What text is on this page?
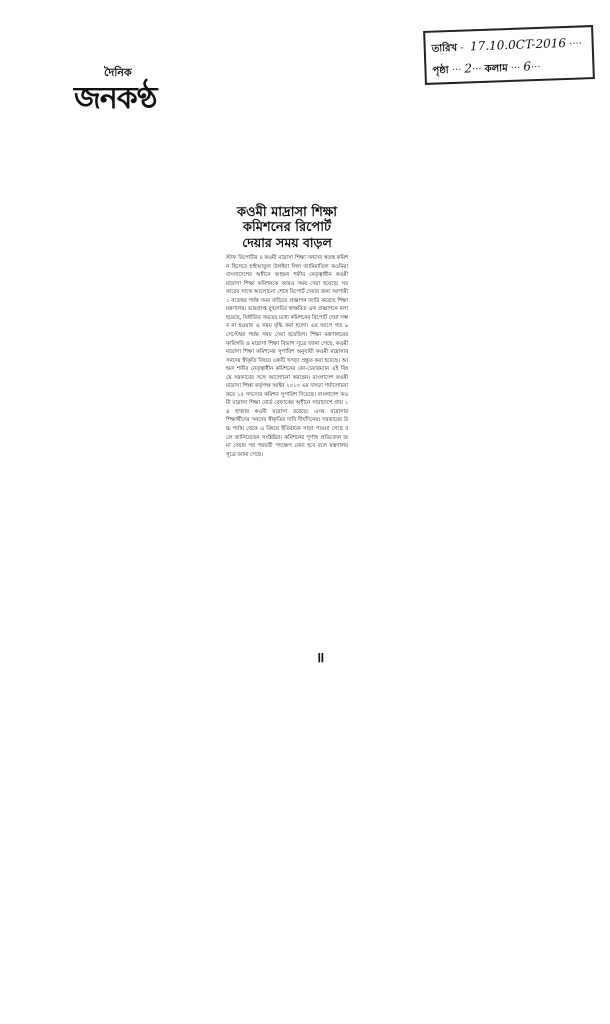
দৈনিক
জনকণ্ঠ
তারিখ - 17.10.0CT-2016 ····
পৃষ্ঠা ··· 2··· কলাম ··· 6···
কওমী মাদ্রাসা শিক্ষা
কমিশনের রিপোর্ট
দেয়ার সময় বাড়ল
স্টাফ রিপোর্টার ॥ কওমী মাদ্রাসা শিক্ষা সনদের স্বতন্ত্র কমিশন হিসেবে হাইআতুল উলইয়া লিল জামিয়াতিল কওমিয়া বাংলাদেশের অধীনে আহমদ শফীর নেতৃত্বাধীন কওমী মাদ্রাসা শিক্ষা কমিশনকে আরও সময় দেয়া হয়েছে। সরকারের সাথে আলোচনা শেষে রিপোর্ট দেয়ার জন্য আগামী ১ নভেম্বর পর্যন্ত সময় বাড়িয়ে প্রজ্ঞাপন জারি করেছে শিক্ষা মন্ত্রণালয়। ভারপ্রাপ্ত যুগ্মসচিব স্বাক্ষরিত এক প্রজ্ঞাপনে বলা হয়েছে, নির্ধারিত সময়ের মধ্যে কমিশনের রিপোর্ট দেয়া সম্ভব না হওয়ায় এ সময় বৃদ্ধি করা হলো। এর আগে গত ৯ সেপ্টেম্বর পর্যন্ত সময় দেয়া হয়েছিল। শিক্ষা মন্ত্রণালয়ের কারিগরি ও মাদ্রাসা শিক্ষা বিভাগ সূত্রে জানা গেছে, কওমী মাদ্রাসা শিক্ষা কমিশনের সুপারিশ অনুযায়ী কওমী মাদ্রাসার সনদের স্বীকৃতি বিষয়ে একটি খসড়া প্রস্তুত করা হয়েছে। আহমদ শফীর নেতৃত্বাধীন কমিশনের কো-চেয়ারম্যান এই বিষয়ে সরকারের সঙ্গে আলোচনা করছেন। বাংলাদেশ কওমী মাদ্রাসা শিক্ষা কর্তৃপক্ষ আইন ২০১৩ এর খসড়া পর্যালোচনা করে ১৫ সদস্যের কমিশন সুপারিশ দিয়েছে। বাংলাদেশ কওমী মাদ্রাসা শিক্ষা বোর্ড বেফাকের অধীনে সারাদেশে প্রায় ১৪ হাজার কওমী মাদ্রাসা রয়েছে। এসব মাদ্রাসার শিক্ষার্থীদের সনদের স্বীকৃতির দাবি দীর্ঘদিনের। সরকারের উচ্চ পর্যায় থেকে এ বিষয়ে ইতিবাচক সাড়া পাওয়া গেছে বলে জানিয়েছেন সংশ্লিষ্টরা। কমিশনের পূর্ণাঙ্গ প্রতিবেদন জমা দেয়ার পর পরবর্তী পদক্ষেপ নেয়া হবে বলে মন্ত্রণালয় সূত্রে জানা গেছে।
॥
